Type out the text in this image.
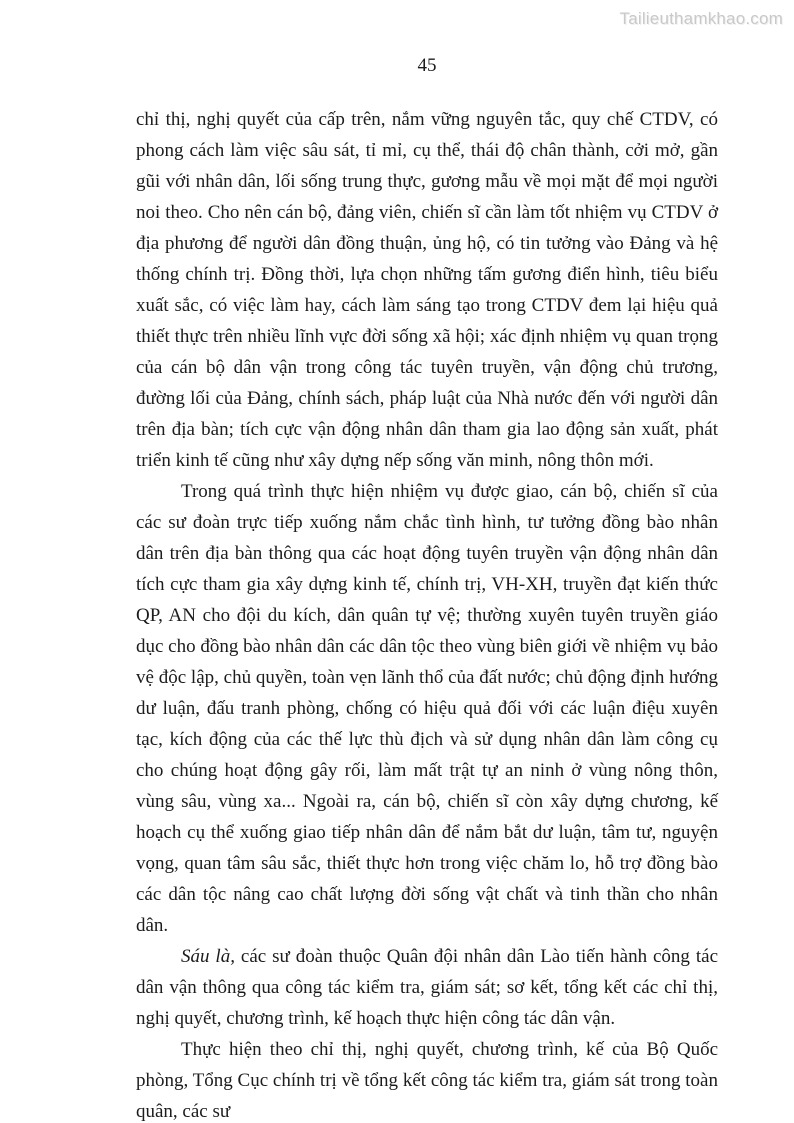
Tailieuthamkhao.com
45

chỉ thị, nghị quyết của cấp trên, nắm vững nguyên tắc, quy chế CTDV, có phong cách làm việc sâu sát, tỉ mỉ, cụ thể, thái độ chân thành, cởi mở, gần gũi với nhân dân, lối sống trung thực, gương mẫu về mọi mặt để mọi người noi theo. Cho nên cán bộ, đảng viên, chiến sĩ cần làm tốt nhiệm vụ CTDV ở địa phương để người dân đồng thuận, ủng hộ, có tin tưởng vào Đảng và hệ thống chính trị. Đồng thời, lựa chọn những tấm gương điển hình, tiêu biểu xuất sắc, có việc làm hay, cách làm sáng tạo trong CTDV đem lại hiệu quả thiết thực trên nhiều lĩnh vực đời sống xã hội; xác định nhiệm vụ quan trọng của cán bộ dân vận trong công tác tuyên truyền, vận động chủ trương, đường lối của Đảng, chính sách, pháp luật của Nhà nước đến với người dân trên địa bàn; tích cực vận động nhân dân tham gia lao động sản xuất, phát triển kinh tế cũng như xây dựng nếp sống văn minh, nông thôn mới.

Trong quá trình thực hiện nhiệm vụ được giao, cán bộ, chiến sĩ của các sư đoàn trực tiếp xuống nắm chắc tình hình, tư tưởng đồng bào nhân dân trên địa bàn thông qua các hoạt động tuyên truyền vận động nhân dân tích cực tham gia xây dựng kinh tế, chính trị, VH-XH, truyền đạt kiến thức QP, AN cho đội du kích, dân quân tự vệ; thường xuyên tuyên truyền giáo dục cho đồng bào nhân dân các dân tộc theo vùng biên giới về nhiệm vụ bảo vệ độc lập, chủ quyền, toàn vẹn lãnh thổ của đất nước; chủ động định hướng dư luận, đấu tranh phòng, chống có hiệu quả đối với các luận điệu xuyên tạc, kích động của các thế lực thù địch và sử dụng nhân dân làm công cụ cho chúng hoạt động gây rối, làm mất trật tự an ninh ở vùng nông thôn, vùng sâu, vùng xa... Ngoài ra, cán bộ, chiến sĩ còn xây dựng chương, kế hoạch cụ thể xuống giao tiếp nhân dân để nắm bắt dư luận, tâm tư, nguyện vọng, quan tâm sâu sắc, thiết thực hơn trong việc chăm lo, hỗ trợ đồng bào các dân tộc nâng cao chất lượng đời sống vật chất và tinh thần cho nhân dân.

Sáu là, các sư đoàn thuộc Quân đội nhân dân Lào tiến hành công tác dân vận thông qua công tác kiểm tra, giám sát; sơ kết, tổng kết các chỉ thị, nghị quyết, chương trình, kế hoạch thực hiện công tác dân vận.

Thực hiện theo chỉ thị, nghị quyết, chương trình, kế của Bộ Quốc phòng, Tổng Cục chính trị về tổng kết công tác kiểm tra, giám sát trong toàn quân, các sư
